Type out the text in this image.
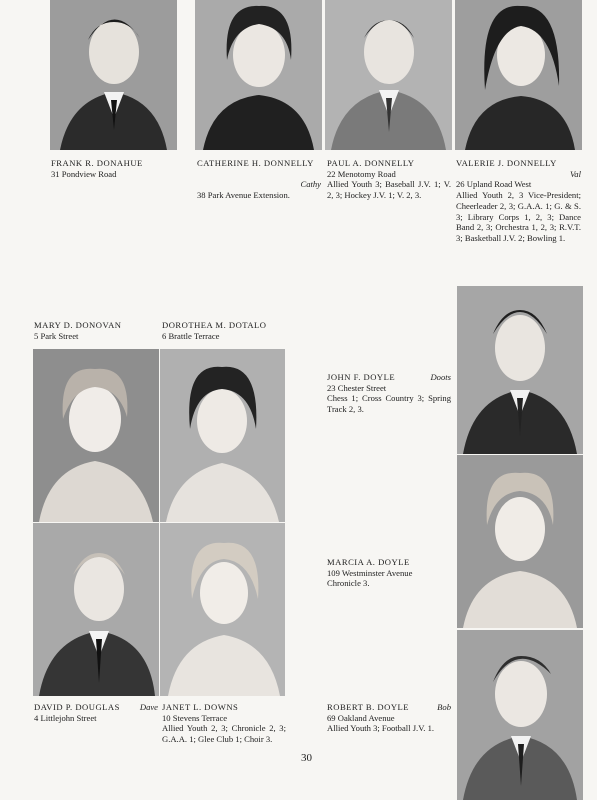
FRANK R. DONAHUE
31 Pondview Road
CATHERINE H. DONNELLY
Cathy
38 Park Avenue Extension.
PAUL A. DONNELLY
22 Menotomy Road
Allied Youth 3; Baseball J.V. 1; V. 2, 3; Hockey J.V. 1; V. 2, 3.
VALERIE J. DONNELLY
Val
26 Upland Road West
Allied Youth 2, 3 Vice-President; Cheerleader 2, 3; G.A.A. 1; G. & S. 3; Library Corps 1, 2, 3; Dance Band 2, 3; Orchestra 1, 2, 3; R.V.T. 3; Basketball J.V. 2; Bowling 1.
MARY D. DONOVAN
5 Park Street
DOROTHEA M. DOTALO
6 Brattle Terrace
Doots
JOHN F. DOYLE
23 Chester Street
Chess 1; Cross Country 3; Spring Track 2, 3.
MARCIA A. DOYLE
109 Westminster Avenue
Chronicle 3.
Dave
DAVID P. DOUGLAS
4 Littlejohn Street
JANET L. DOWNS
10 Stevens Terrace
Allied Youth 2, 3; Chronicle 2, 3; G.A.A. 1; Glee Club 1; Choir 3.
Bob
ROBERT B. DOYLE
69 Oakland Avenue
Allied Youth 3; Football J.V. 1.
30
